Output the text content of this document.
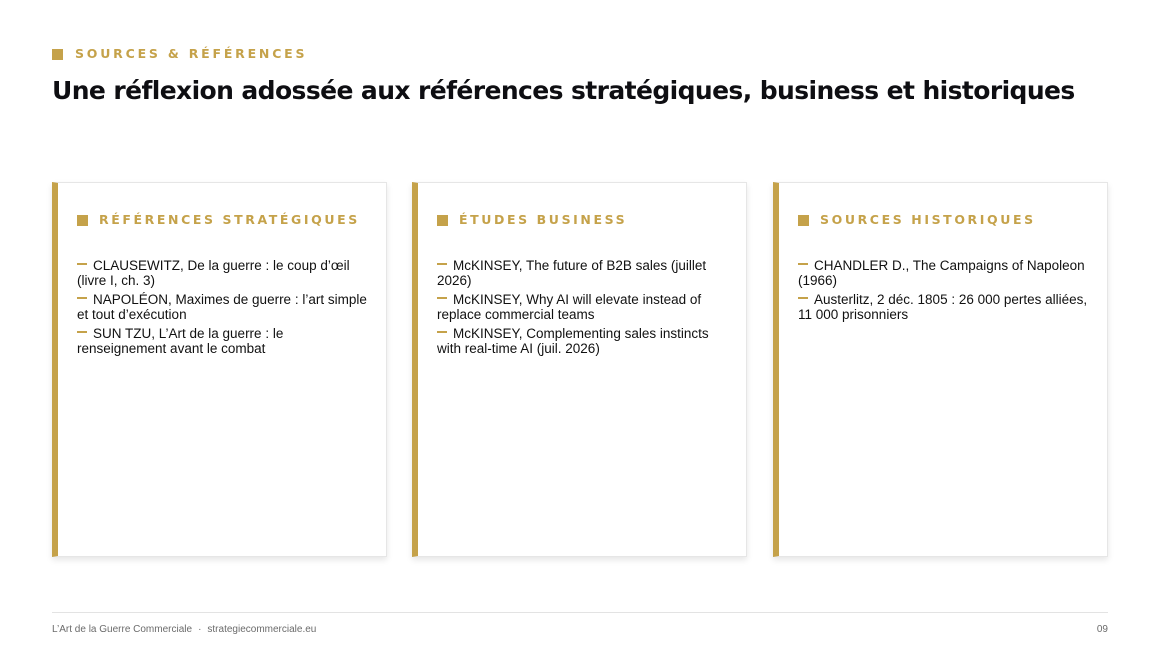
SOURCES & RÉFÉRENCES
Une réflexion adossée aux références stratégiques, business et historiques
RÉFÉRENCES STRATÉGIQUES
CLAUSEWITZ, De la guerre : le coup d’œil (livre I, ch. 3)
NAPOLÉON, Maximes de guerre : l’art simple et tout d’exécution
SUN TZU, L’Art de la guerre : le renseignement avant le combat
ÉTUDES BUSINESS
McKINSEY, The future of B2B sales (juillet 2026)
McKINSEY, Why AI will elevate instead of replace commercial teams
McKINSEY, Complementing sales instincts with real-time AI (juil. 2026)
SOURCES HISTORIQUES
CHANDLER D., The Campaigns of Napoleon (1966)
Austerlitz, 2 déc. 1805 : 26 000 pertes alliées, 11 000 prisonniers
L’Art de la Guerre Commerciale · strategiecommerciale.eu	09
